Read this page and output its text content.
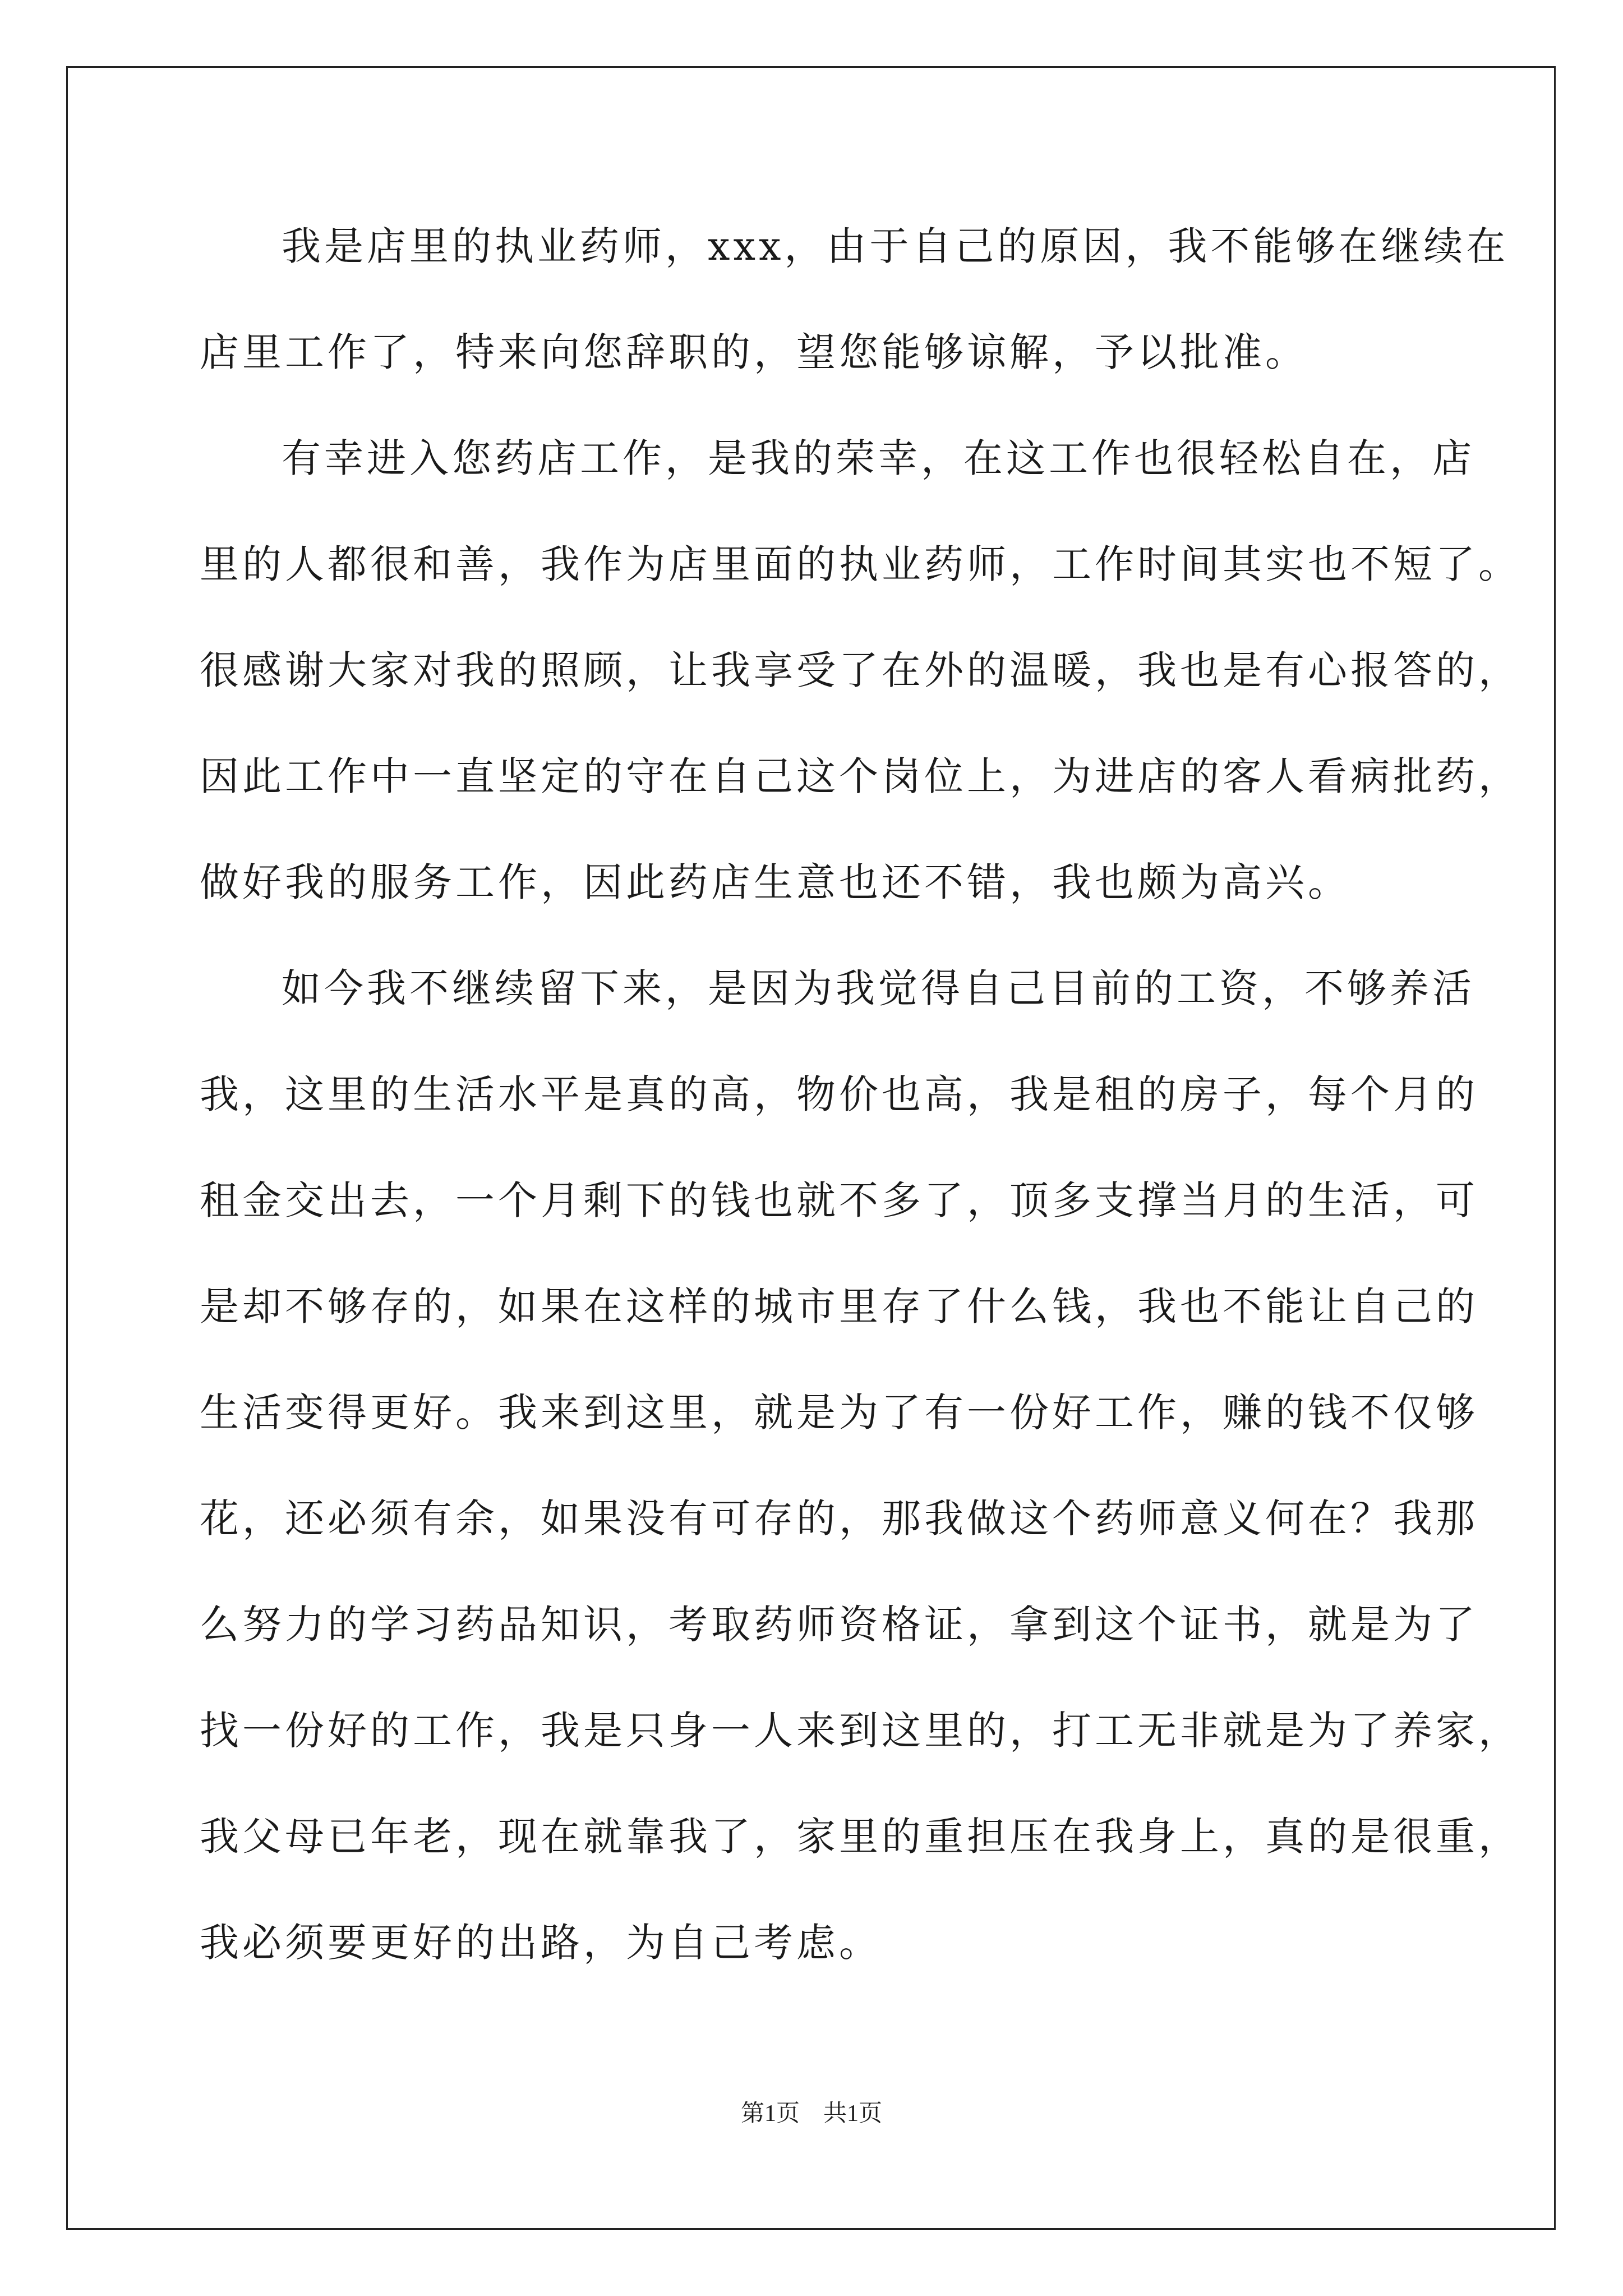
我是店里的执业药师，xxx，由于自己的原因，我不能够在继续在
店里工作了，特来向您辞职的，望您能够谅解，予以批准。
有幸进入您药店工作，是我的荣幸，在这工作也很轻松自在，店
里的人都很和善，我作为店里面的执业药师，工作时间其实也不短了。
很感谢大家对我的照顾，让我享受了在外的温暖，我也是有心报答的，
因此工作中一直坚定的守在自己这个岗位上，为进店的客人看病批药，
做好我的服务工作，因此药店生意也还不错，我也颇为高兴。
如今我不继续留下来，是因为我觉得自己目前的工资，不够养活
我，这里的生活水平是真的高，物价也高，我是租的房子，每个月的
租金交出去，一个月剩下的钱也就不多了，顶多支撑当月的生活，可
是却不够存的，如果在这样的城市里存了什么钱，我也不能让自己的
生活变得更好。我来到这里，就是为了有一份好工作，赚的钱不仅够
花，还必须有余，如果没有可存的，那我做这个药师意义何在？我那
么努力的学习药品知识，考取药师资格证，拿到这个证书，就是为了
找一份好的工作，我是只身一人来到这里的，打工无非就是为了养家，
我父母已年老，现在就靠我了，家里的重担压在我身上，真的是很重，
我必须要更好的出路，为自己考虑。
第1页　共1页
